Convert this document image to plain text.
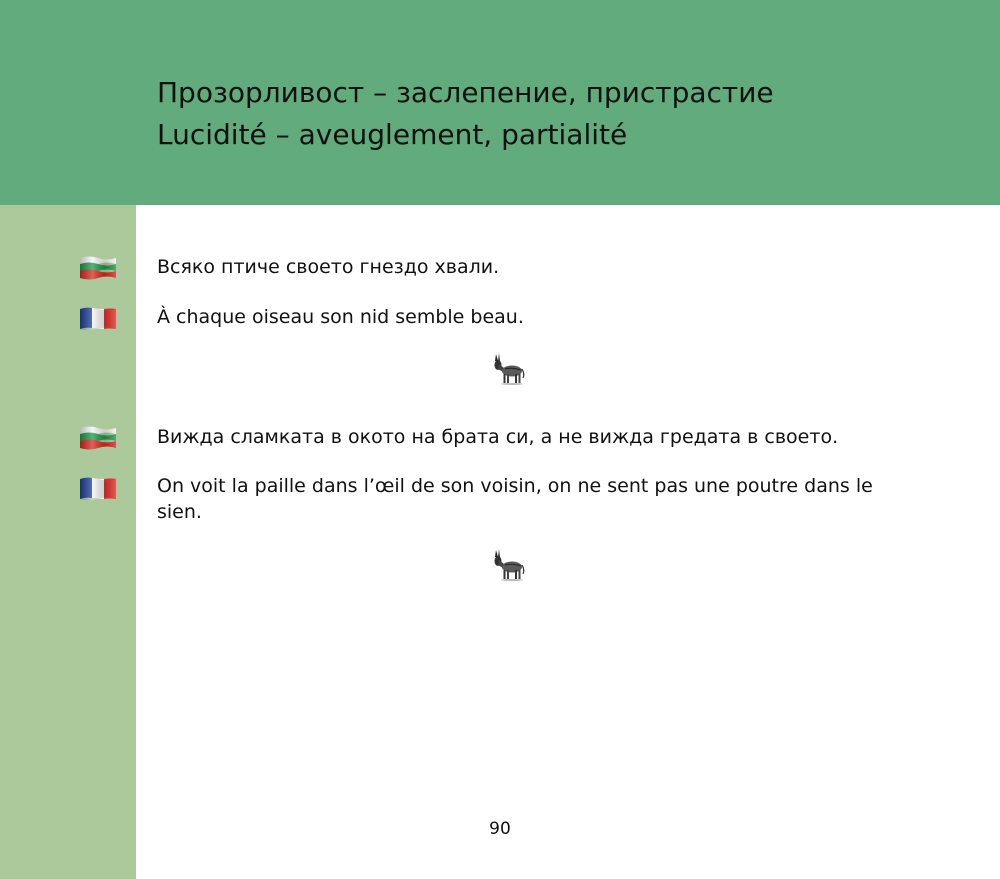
Прозорливост – заслепение, пристрастие
Lucidité – aveuglement, partialité
Всяко птиче своето гнездо хвали.
À chaque oiseau son nid semble beau.
Вижда сламката в окото на брата си, а не вижда гредата в своето.
On voit la paille dans l’œil de son voisin, on ne sent pas une poutre dans le sien.
90
